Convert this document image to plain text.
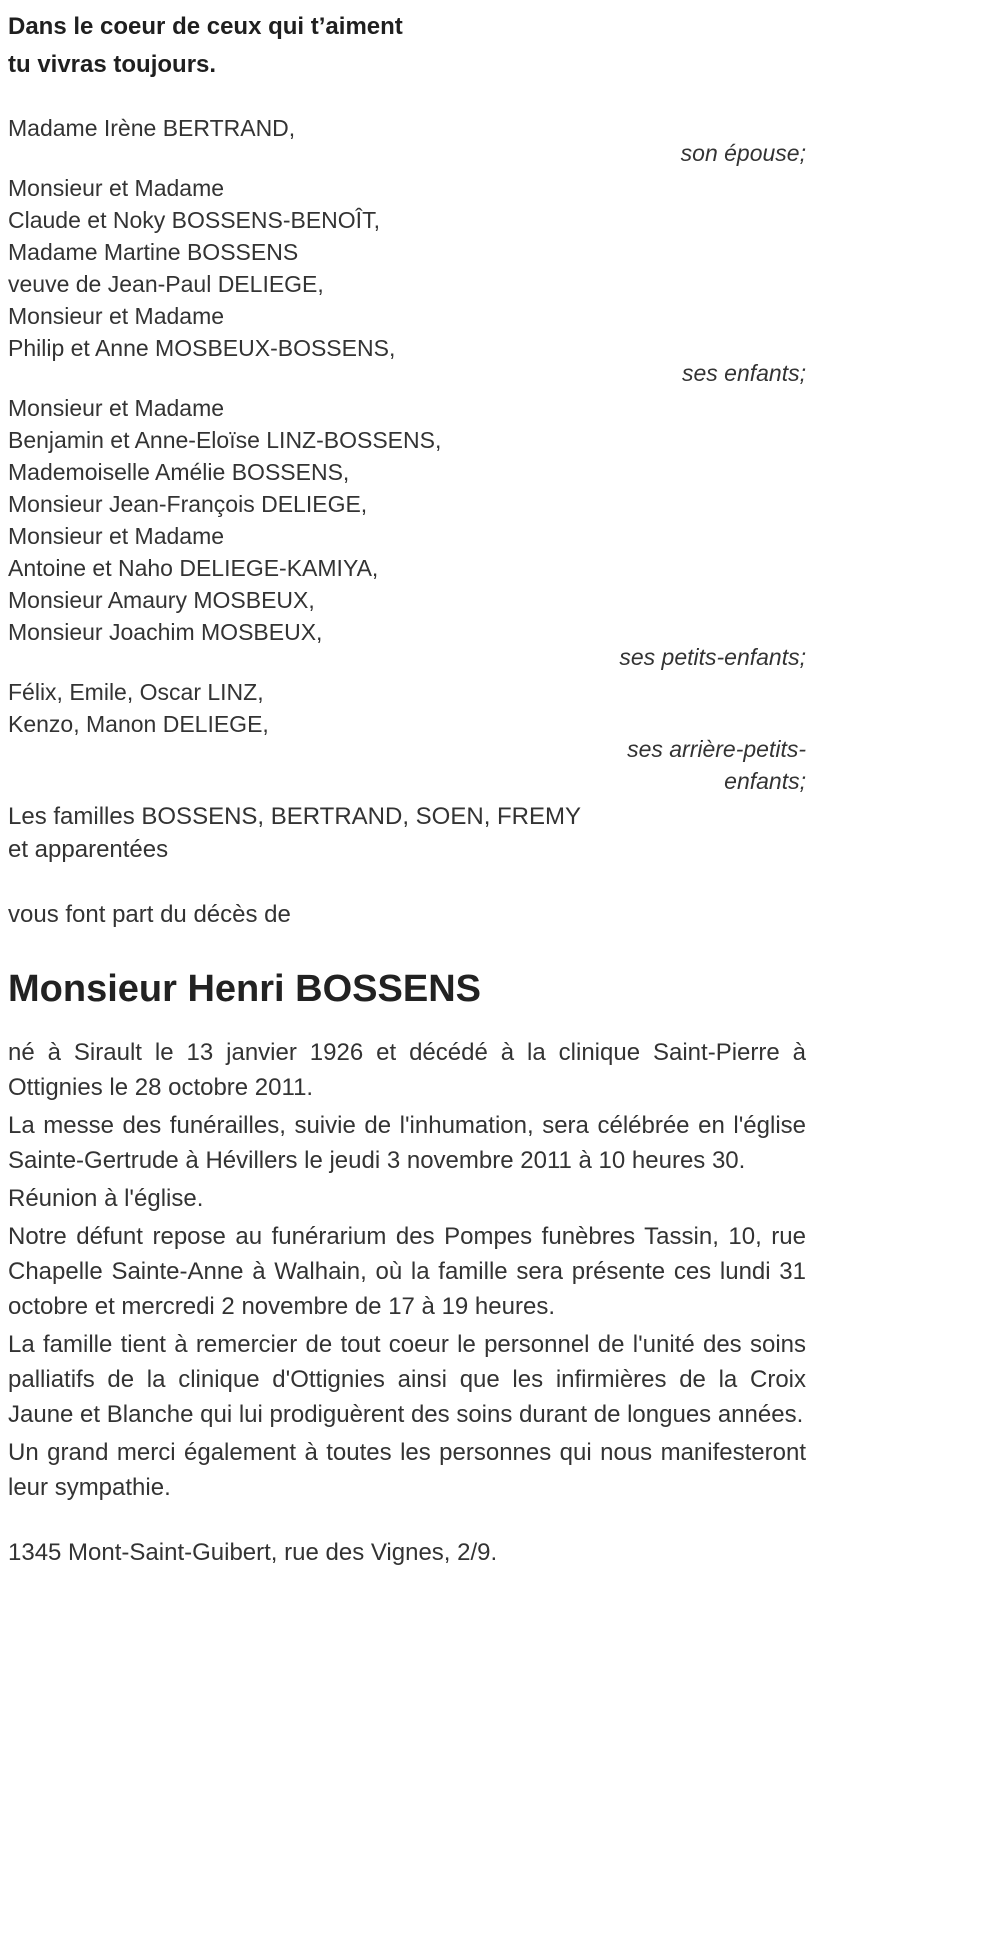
Dans le coeur de ceux qui t’aiment

tu vivras toujours.

Madame Irène BERTRAND,

son épouse;

Monsieur et Madame

Claude et Noky BOSSENS-BENOÎT,

Madame Martine BOSSENS

veuve de Jean-Paul DELIEGE,

Monsieur et Madame

Philip et Anne MOSBEUX-BOSSENS,

ses enfants;

Monsieur et Madame

Benjamin et Anne-Eloïse LINZ-BOSSENS,

Mademoiselle Amélie BOSSENS,

Monsieur Jean-François DELIEGE,

Monsieur et Madame

Antoine et Naho DELIEGE-KAMIYA,

Monsieur Amaury MOSBEUX,

Monsieur Joachim MOSBEUX,

ses petits-enfants;

Félix, Emile, Oscar LINZ,

Kenzo, Manon DELIEGE,

ses arrière-petits-enfants;

Les familles BOSSENS, BERTRAND, SOEN, FREMY

et apparentées

vous font part du décès de

Monsieur Henri BOSSENS

né à Sirault le 13 janvier 1926 et décédé à la clinique Saint-Pierre à Ottignies le 28 octobre 2011.

La messe des funérailles, suivie de l'inhumation, sera célébrée en l'église Sainte-Gertrude à Hévillers le jeudi 3 novembre 2011 à 10 heures 30.

Réunion à l'église.

Notre défunt repose au funérarium des Pompes funèbres Tassin, 10, rue Chapelle Sainte-Anne à Walhain, où la famille sera présente ces lundi 31 octobre et mercredi 2 novembre de 17 à 19 heures.

La famille tient à remercier de tout coeur le personnel de l'unité des soins palliatifs de la clinique d'Ottignies ainsi que les infirmières de la Croix Jaune et Blanche qui lui prodiguèrent des soins durant de longues années.

Un grand merci également à toutes les personnes qui nous manifesteront leur sympathie.

1345 Mont-Saint-Guibert, rue des Vignes, 2/9.
